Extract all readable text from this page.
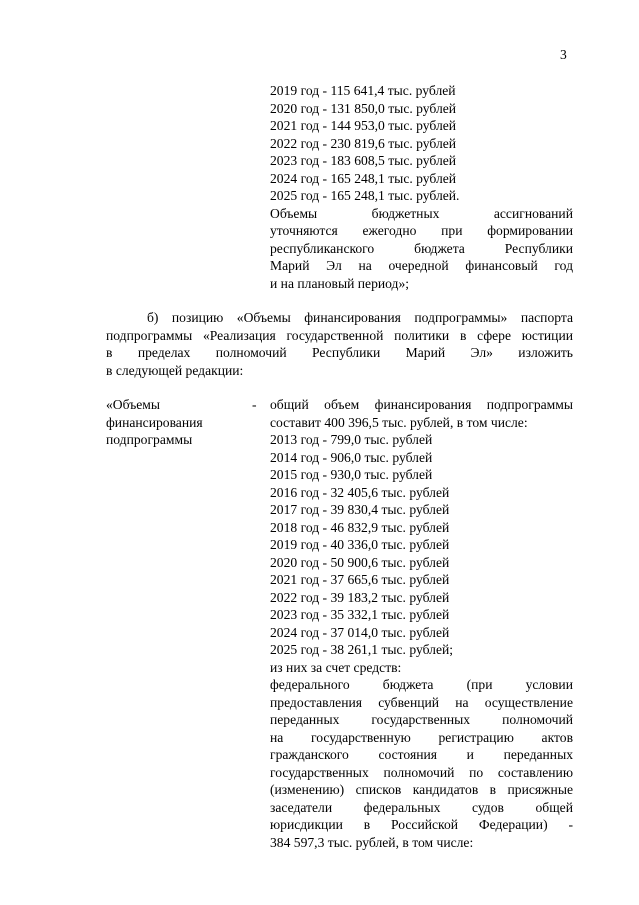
3
2019 год - 115 641,4 тыс. рублей
2020 год - 131 850,0 тыс. рублей
2021 год - 144 953,0 тыс. рублей
2022 год - 230 819,6 тыс. рублей
2023 год - 183 608,5 тыс. рублей
2024 год - 165 248,1 тыс. рублей
2025 год - 165 248,1 тыс. рублей.
Объемы бюджетных ассигнований
уточняются ежегодно при формировании
республиканского бюджета Республики
Марий Эл на очередной финансовый год
и на плановый период»;
б) позицию «Объемы финансирования подпрограммы» паспорта
подпрограммы «Реализация государственной политики в сфере юстиции
в пределах полномочий Республики Марий Эл» изложить
в следующей редакции:
«Объемы
финансирования
подпрограммы
- общий объем финансирования подпрограммы
составит 400 396,5 тыс. рублей, в том числе:
2013 год - 799,0 тыс. рублей
2014 год - 906,0 тыс. рублей
2015 год - 930,0 тыс. рублей
2016 год - 32 405,6 тыс. рублей
2017 год - 39 830,4 тыс. рублей
2018 год - 46 832,9 тыс. рублей
2019 год - 40 336,0 тыс. рублей
2020 год - 50 900,6 тыс. рублей
2021 год - 37 665,6 тыс. рублей
2022 год - 39 183,2 тыс. рублей
2023 год - 35 332,1 тыс. рублей
2024 год - 37 014,0 тыс. рублей
2025 год - 38 261,1 тыс. рублей;
из них за счет средств:
федерального бюджета (при условии
предоставления субвенций на осуществление
переданных государственных полномочий
на государственную регистрацию актов
гражданского состояния и переданных
государственных полномочий по составлению
(изменению) списков кандидатов в присяжные
заседатели федеральных судов общей
юрисдикции в Российской Федерации) -
384 597,3 тыс. рублей, в том числе:
